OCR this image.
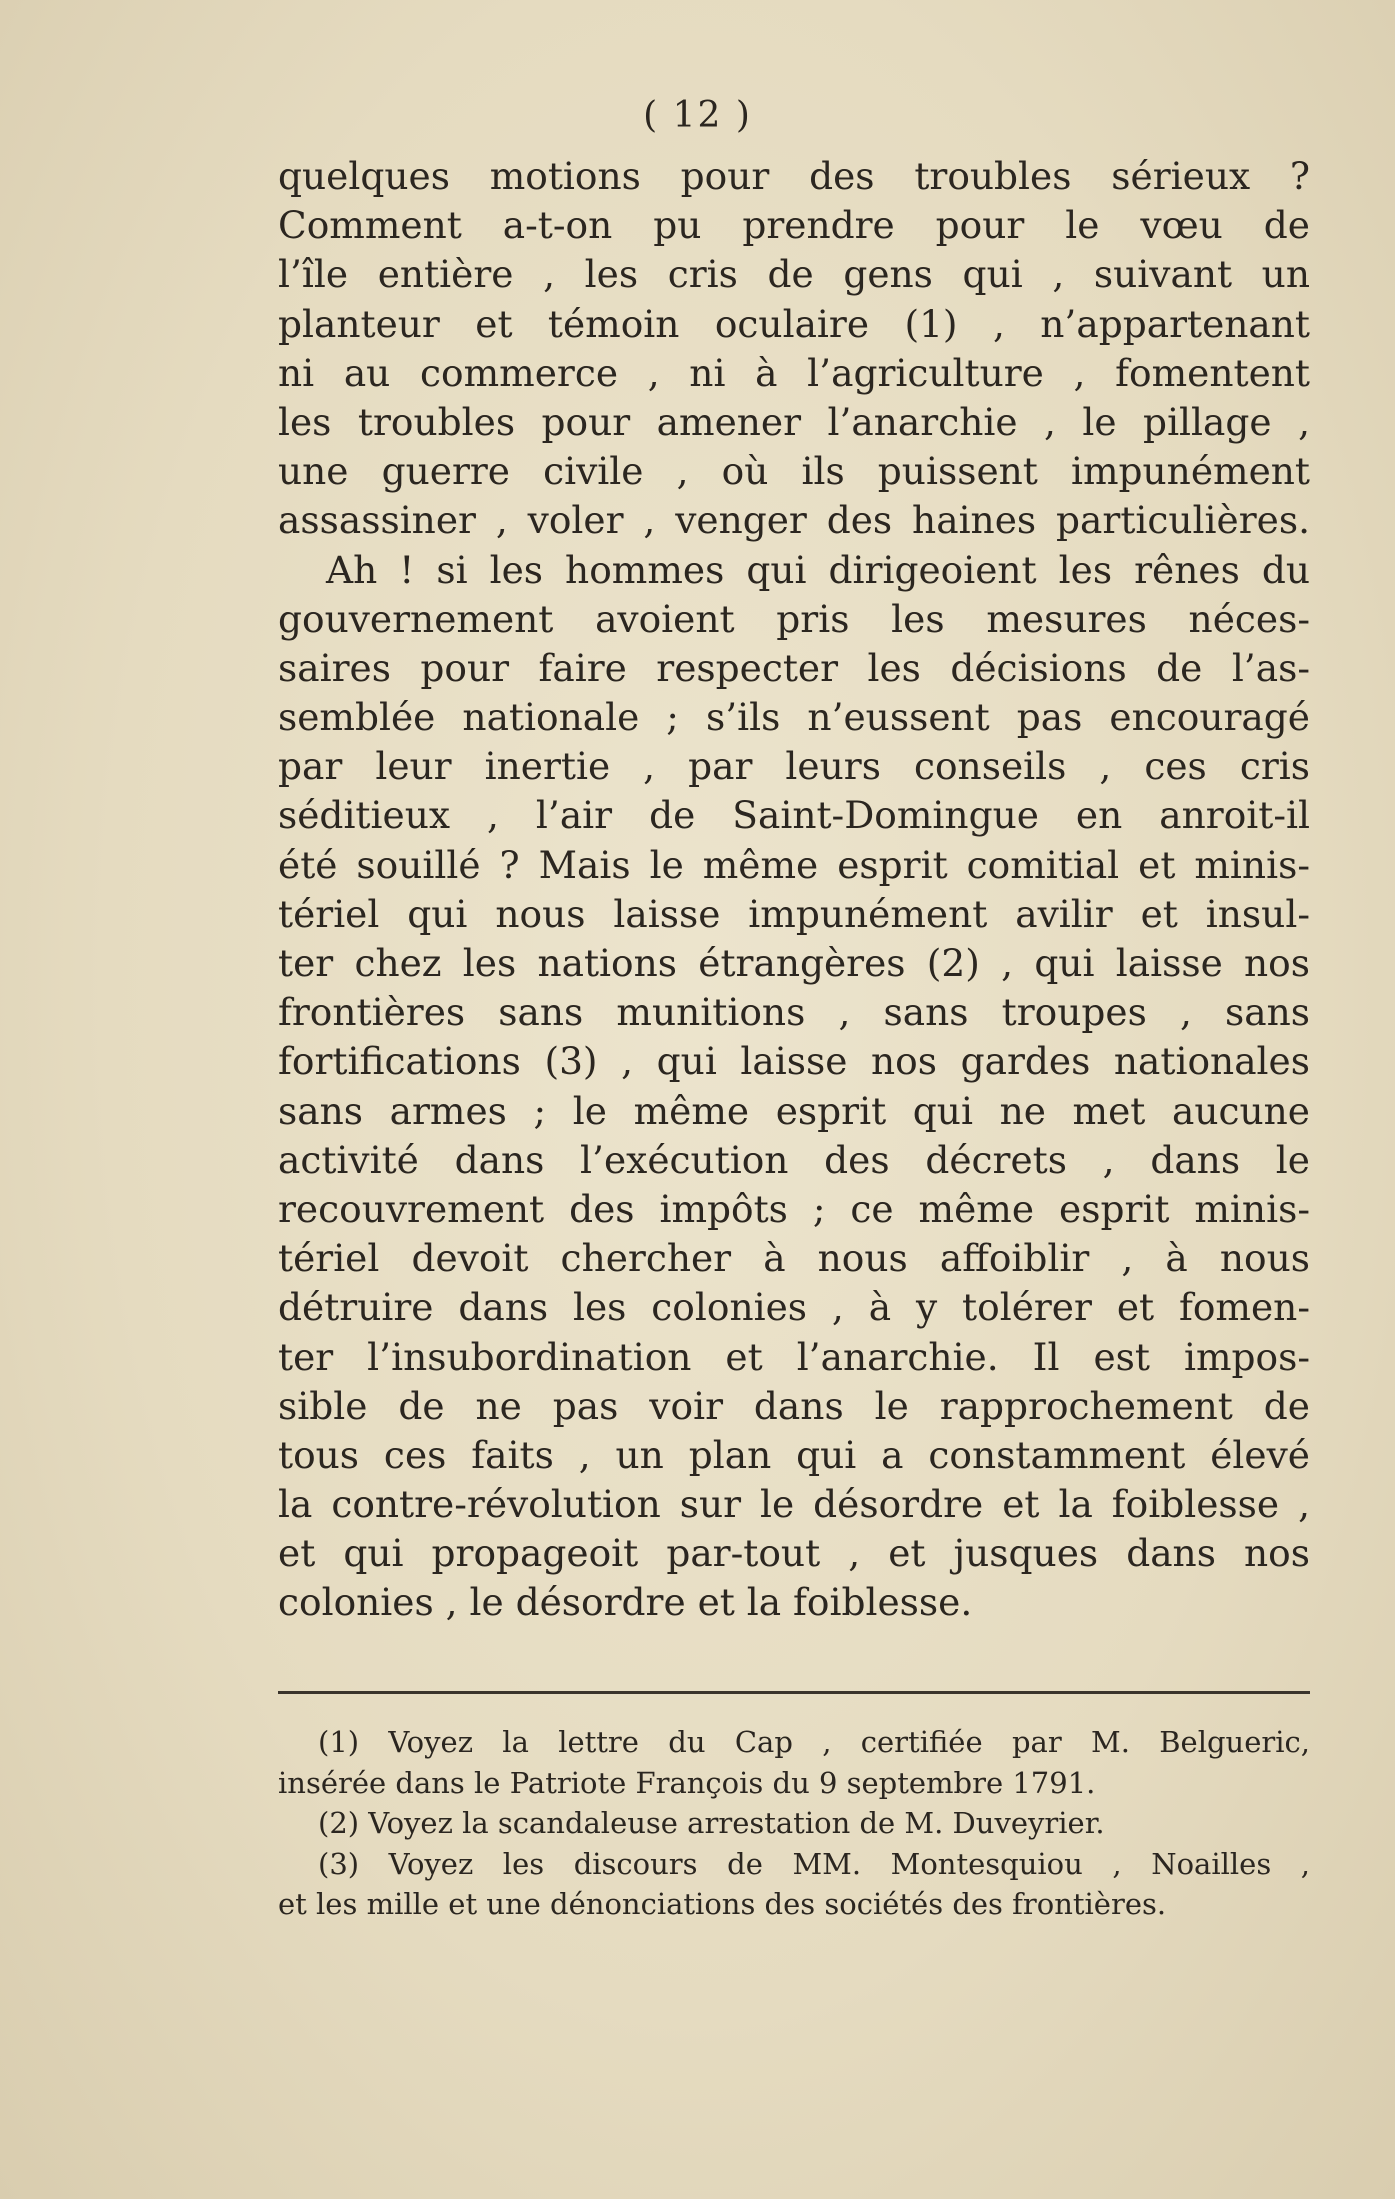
( 12 )
quelques motions pour des troubles sérieux ?
Comment a-t-on pu prendre pour le vœu de
l’île entière , les cris de gens qui , suivant un
planteur et témoin oculaire (1) , n’appartenant
ni au commerce , ni à l’agriculture , fomentent
les troubles pour amener l’anarchie , le pillage ,
une guerre civile , où ils puissent impunément
assassiner , voler , venger des haines particulières.
Ah ! si les hommes qui dirigeoient les rênes du
gouvernement avoient pris les mesures néces-
saires pour faire respecter les décisions de l’as-
semblée nationale ; s’ils n’eussent pas encouragé
par leur inertie , par leurs conseils , ces cris
séditieux , l’air de Saint-Domingue en anroit-il
été souillé ? Mais le même esprit comitial et minis-
tériel qui nous laisse impunément avilir et insul-
ter chez les nations étrangères (2) , qui laisse nos
frontières sans munitions , sans troupes , sans
fortifications (3) , qui laisse nos gardes nationales
sans armes ; le même esprit qui ne met aucune
activité dans l’exécution des décrets , dans le
recouvrement des impôts ; ce même esprit minis-
tériel devoit chercher à nous affoiblir , à nous
détruire dans les colonies , à y tolérer et fomen-
ter l’insubordination et l’anarchie. Il est impos-
sible de ne pas voir dans le rapprochement de
tous ces faits , un plan qui a constamment élevé
la contre-révolution sur le désordre et la foiblesse ,
et qui propageoit par-tout , et jusques dans nos
colonies , le désordre et la foiblesse.
(1) Voyez la lettre du Cap , certifiée par M. Belgueric,
insérée dans le Patriote François du 9 septembre 1791.
(2) Voyez la scandaleuse arrestation de M. Duveyrier.
(3) Voyez les discours de MM. Montesquiou , Noailles ,
et les mille et une dénonciations des sociétés des frontières.
